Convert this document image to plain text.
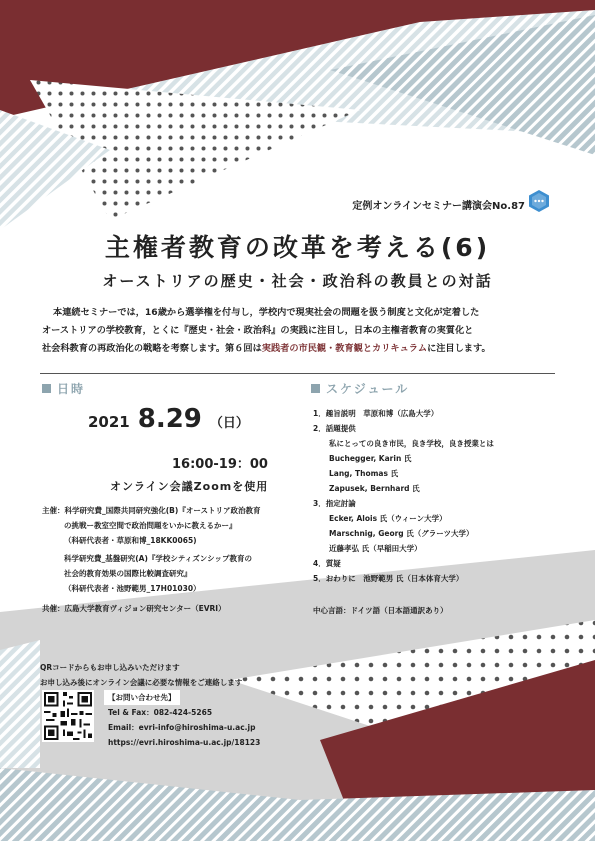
定例オンラインセミナー講演会No.87
主権者教育の改革を考える(6)
オーストリアの歴史・社会・政治科の教員との対話
本連続セミナーでは，16歳から選挙権を付与し，学校内で現実社会の問題を扱う制度と文化が定着した
オーストリアの学校教育，とくに『歴史・社会・政治科』の実践に注目し，日本の主権者教育の実質化と
社会科教育の再政治化の戦略を考察します。第６回は実践者の市民観・教育観とカリキュラムに注目します。
日時
2021 8.29 （日）
16:00-19：00
オンライン会議Zoomを使用
主催：科学研究費_国際共同研究強化(B)『オーストリア政治教育
の挑戦ー教室空間で政治問題をいかに教えるかー』
（科研代表者・草原和博_18KK0065)
科学研究費_基盤研究(A)『学校シティズンシップ教育の
社会的教育効果の国際比較調査研究』
（科研代表者・池野範男_17H01030）
共催：広島大学教育ヴィジョン研究センター（EVRI）
スケジュール
1．趣旨説明　草原和博（広島大学）
2．話題提供
私にとっての良き市民，良き学校，良き授業とは
Buchegger, Karin 氏
Lang, Thomas 氏
Zapusek, Bernhard 氏
3．指定討論
Ecker, Alois 氏（ウィーン大学）
Marschnig, Georg 氏（グラーツ大学）
近藤孝弘 氏（早稲田大学）
4．質疑
5．おわりに　池野範男 氏（日本体育大学）
中心言語：ドイツ語（日本語通訳あり）
QRコードからもお申し込みいただけます
お申し込み後にオンライン会議に必要な情報をご連絡します
【お問い合わせ先】
Tel & Fax：082-424-5265
Email：evri-info@hiroshima-u.ac.jp
https://evri.hiroshima-u.ac.jp/18123
